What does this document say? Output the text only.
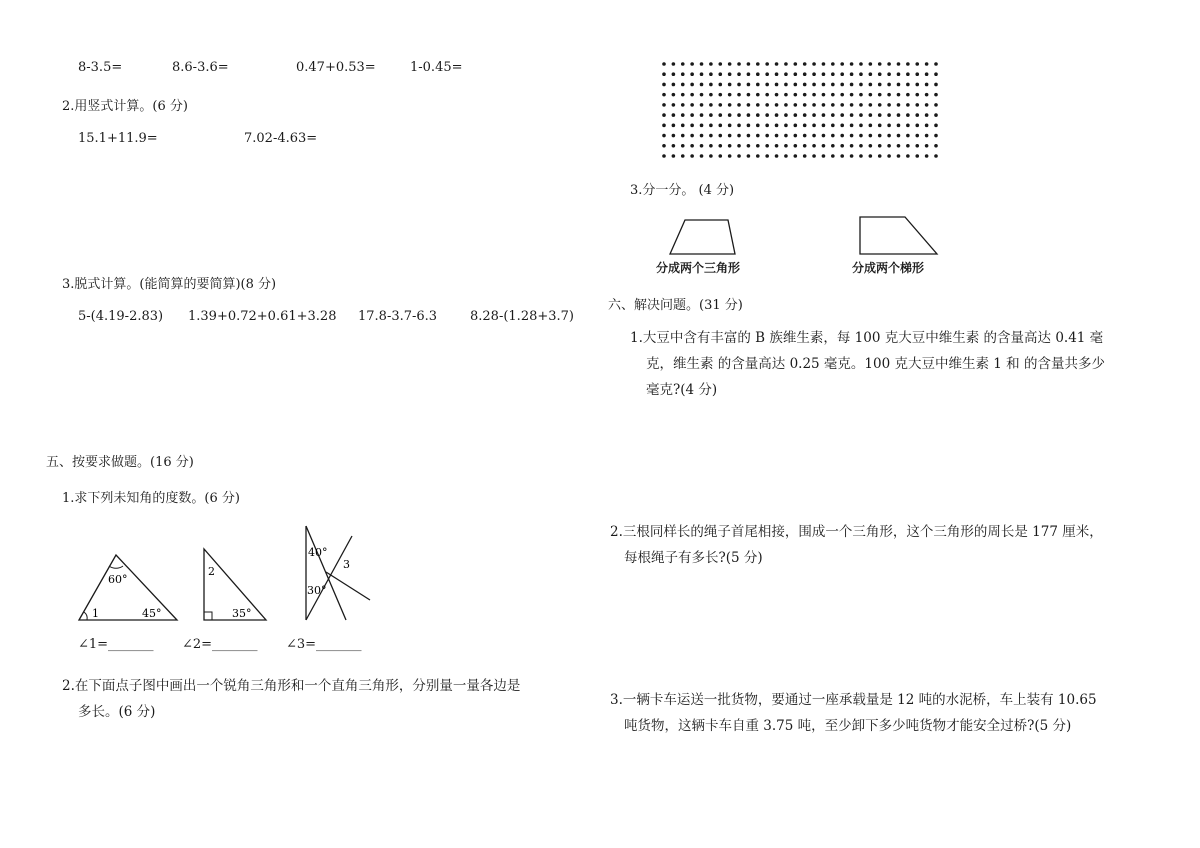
8-3.5=	8.6-3.6=	0.47+0.53=	1-0.45=
2.用竖式计算。(6 分)
15.1+11.9=	7.02-4.63=
3.脱式计算。(能简算的要简算)(8 分)
5-(4.19-2.83) 1.39+0.72+0.61+3.28 17.8-3.7-6.3	8.28-(1.28+3.7)
五、按要求做题。(16 分)
1.求下列未知角的度数。(6 分)
60°
1	45°
2
35°
40°
3
30°
∠1=_______ ∠2=_______ ∠3=_______
2.在下面点子图中画出一个锐角三角形和一个直角三角形，分别量一量各边是
多长。(6 分)
3.分一分。 (4 分)
分成两个三角形	分成两个梯形
六、解决问题。(31 分)
1.大豆中含有丰富的 B 族维生素，每 100 克大豆中维生素 的含量高达 0.41 毫
克，维生素 的含量高达 0.25 毫克。100 克大豆中维生素 1 和 的含量共多少
毫克?(4 分)
2.三根同样长的绳子首尾相接，围成一个三角形，这个三角形的周长是 177 厘米，
每根绳子有多长?(5 分)
3.一辆卡车运送一批货物，要通过一座承载量是 12 吨的水泥桥，车上装有 10.65
吨货物，这辆卡车自重 3.75 吨，至少卸下多少吨货物才能安全过桥?(5 分)
